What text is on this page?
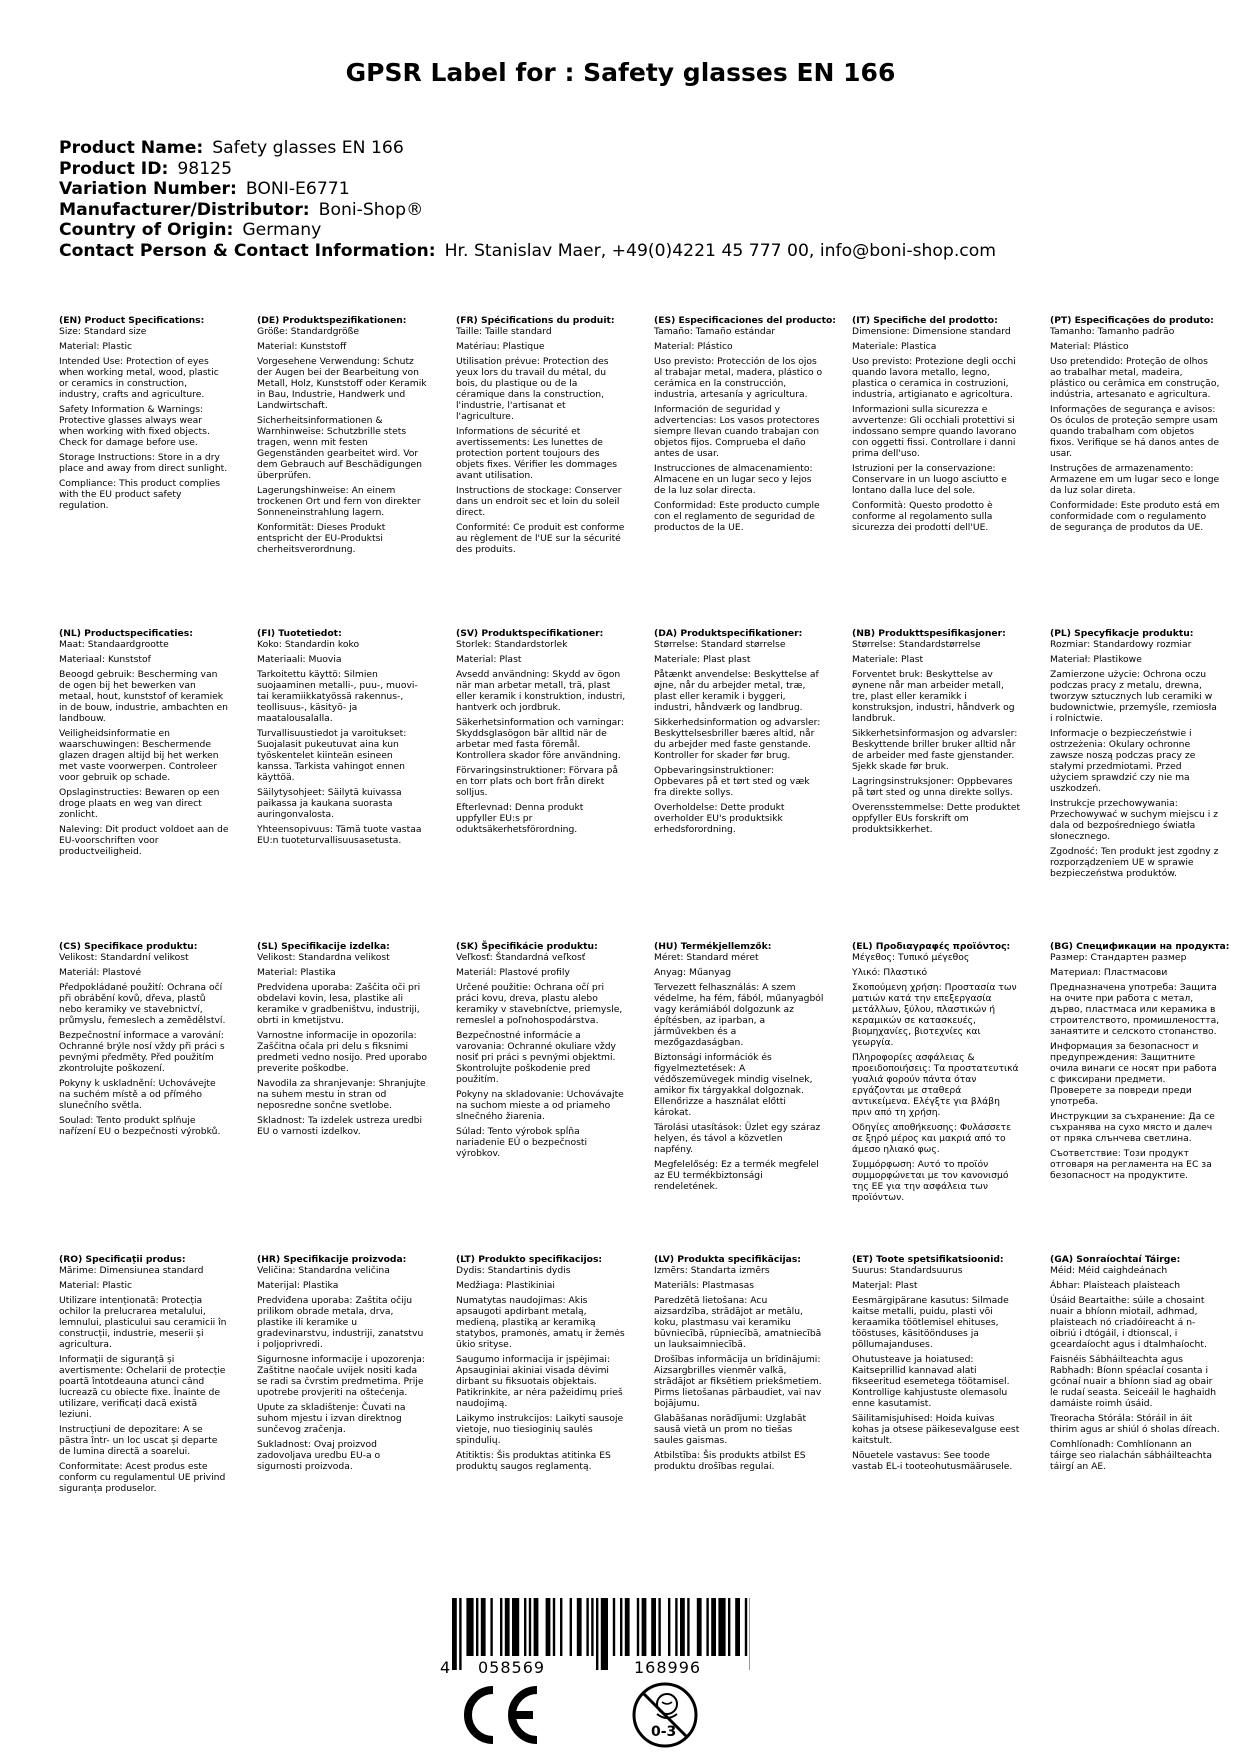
GPSR Label for : Safety glasses EN 166
Product Name: Safety glasses EN 166
Product ID: 98125
Variation Number: BONI-E6771
Manufacturer/Distributor: Boni-Shop®
Country of Origin: Germany
Contact Person & Contact Information: Hr. Stanislav Maer, +49(0)4221 45 777 00, info@boni-shop.com
(EN) Product Specifications:
Size: Standard size
Material: Plastic
Intended Use: Protection of eyes when working metal, wood, plastic or ceramics in construction, industry, crafts and agriculture.
Safety Information & Warnings: Protective glasses always wear when working with fixed objects. Check for damage before use.
Storage Instructions: Store in a dry place and away from direct sunlight.
Compliance: This product complies with the EU product safety regulation.
(DE) Produktspezifikationen:
Größe: Standardgröße
Material: Kunststoff
Vorgesehene Verwendung: Schutz der Augen bei der Bearbeitung von Metall, Holz, Kunststoff oder Keramik in Bau, Industrie, Handwerk und Landwirtschaft.
Sicherheitsinformationen & Warnhinweise: Schutzbrille stets tragen, wenn mit festen Gegenständen gearbeitet wird. Vor dem Gebrauch auf Beschädigungen überprüfen.
Lagerungshinweise: An einem trockenen Ort und fern von direkter Sonneneinstrahlung lagern.
Konformität: Dieses Produkt entspricht der EU-Produktsi cherheitsverordnung.
(FR) Spécifications du produit:
Taille: Taille standard
Matériau: Plastique
Utilisation prévue: Protection des yeux lors du travail du métal, du bois, du plastique ou de la céramique dans la construction, l'industrie, l'artisanat et l'agriculture.
Informations de sécurité et avertissements: Les lunettes de protection portent toujours des objets fixes. Vérifier les dommages avant utilisation.
Instructions de stockage: Conserver dans un endroit sec et loin du soleil direct.
Conformité: Ce produit est conforme au règlement de l'UE sur la sécurité des produits.
(ES) Especificaciones del producto:
Tamaño: Tamaño estándar
Material: Plástico
Uso previsto: Protección de los ojos al trabajar metal, madera, plástico o cerámica en la construcción, industria, artesanía y agricultura.
Información de seguridad y advertencias: Los vasos protectores siempre llevan cuando trabajan con objetos fijos. Comprueba el daño antes de usar.
Instrucciones de almacenamiento: Almacene en un lugar seco y lejos de la luz solar directa.
Conformidad: Este producto cumple con el reglamento de seguridad de productos de la UE.
(IT) Specifiche del prodotto:
Dimensione: Dimensione standard
Materiale: Plastica
Uso previsto: Protezione degli occhi quando lavora metallo, legno, plastica o ceramica in costruzioni, industria, artigianato e agricoltura.
Informazioni sulla sicurezza e avvertenze: Gli occhiali protettivi si indossano sempre quando lavorano con oggetti fissi. Controllare i danni prima dell'uso.
Istruzioni per la conservazione: Conservare in un luogo asciutto e lontano dalla luce del sole.
Conformità: Questo prodotto è conforme al regolamento sulla sicurezza dei prodotti dell'UE.
(PT) Especificações do produto:
Tamanho: Tamanho padrão
Material: Plástico
Uso pretendido: Proteção de olhos ao trabalhar metal, madeira, plástico ou cerâmica em construção, indústria, artesanato e agricultura.
Informações de segurança e avisos: Os óculos de proteção sempre usam quando trabalham com objetos fixos. Verifique se há danos antes de usar.
Instruções de armazenamento: Armazene em um lugar seco e longe da luz solar direta.
Conformidade: Este produto está em conformidade com o regulamento de segurança de produtos da UE.
(NL) Productspecificaties:
Maat: Standaardgrootte
Materiaal: Kunststof
Beoogd gebruik: Bescherming van de ogen bij het bewerken van metaal, hout, kunststof of keramiek in de bouw, industrie, ambachten en landbouw.
Veiligheidsinformatie en waarschuwingen: Beschermende glazen dragen altijd bij het werken met vaste voorwerpen. Controleer voor gebruik op schade.
Opslaginstructies: Bewaren op een droge plaats en weg van direct zonlicht.
Naleving: Dit product voldoet aan de EU-voorschriften voor productveiligheid.
(FI) Tuotetiedot:
Koko: Standardin koko
Materiaali: Muovia
Tarkoitettu käyttö: Silmien suojaaminen metalli-, puu-, muovi- tai keramiikkatyössä rakennus-, teollisuus-, käsityö- ja maatalousalalla.
Turvallisuustiedot ja varoitukset: Suojalasit pukeutuvat aina kun työskentelet kiinteän esineen kanssa. Tarkista vahingot ennen käyttöä.
Säilytysohjeet: Säilytä kuivassa paikassa ja kaukana suorasta auringonvalosta.
Yhteensopivuus: Tämä tuote vastaa EU:n tuoteturvallisuusasetusta.
(SV) Produktspecifikationer:
Storlek: Standardstorlek
Material: Plast
Avsedd användning: Skydd av ögon när man arbetar metall, trä, plast eller keramik i konstruktion, industri, hantverk och jordbruk.
Säkerhetsinformation och varningar: Skyddsglasögon bär alltid när de arbetar med fasta föremål. Kontrollera skador före användning.
Förvaringsinstruktioner: Förvara på en torr plats och bort från direkt solljus.
Efterlevnad: Denna produkt uppfyller EU:s pr oduktsäkerhetsförordning.
(DA) Produktspecifikationer:
Størrelse: Standard størrelse
Materiale: Plast plast
Påtænkt anvendelse: Beskyttelse af øjne, når du arbejder metal, træ, plast eller keramik i byggeri, industri, håndværk og landbrug.
Sikkerhedsinformation og advarsler: Beskyttelsesbriller bæres altid, når du arbejder med faste genstande. Kontroller for skader før brug.
Opbevaringsinstruktioner: Opbevares på et tørt sted og væk fra direkte sollys.
Overholdelse: Dette produkt overholder EU's produktsikk erhedsforordning.
(NB) Produkttspesifikasjoner:
Størrelse: Standardstørrelse
Materiale: Plast
Forventet bruk: Beskyttelse av øynene når man arbeider metall, tre, plast eller keramikk i konstruksjon, industri, håndverk og landbruk.
Sikkerhetsinformasjon og advarsler: Beskyttende briller bruker alltid når de arbeider med faste gjenstander. Sjekk skade før bruk.
Lagringsinstruksjoner: Oppbevares på tørt sted og unna direkte sollys.
Overensstemmelse: Dette produktet oppfyller EUs forskrift om produktsikkerhet.
(PL) Specyfikacje produktu:
Rozmiar: Standardowy rozmiar
Materiał: Plastikowe
Zamierzone użycie: Ochrona oczu podczas pracy z metalu, drewna, tworzyw sztucznych lub ceramiki w budownictwie, przemyśle, rzemiosła i rolnictwie.
Informacje o bezpieczeństwie i ostrzeżenia: Okulary ochronne zawsze noszą podczas pracy ze stałymi przedmiotami. Przed użyciem sprawdzić czy nie ma uszkodzeń.
Instrukcje przechowywania: Przechowywać w suchym miejscu i z dala od bezpośredniego światła słonecznego.
Zgodność: Ten produkt jest zgodny z rozporządzeniem UE w sprawie bezpieczeństwa produktów.
(CS) Specifikace produktu:
Velikost: Standardní velikost
Materiál: Plastové
Předpokládané použití: Ochrana očí při obrábění kovů, dřeva, plastů nebo keramiky ve stavebnictví, průmyslu, řemeslech a zemědělství.
Bezpečnostní informace a varování: Ochranné brýle nosí vždy při práci s pevnými předměty. Před použitím zkontrolujte poškození.
Pokyny k uskladnění: Uchovávejte na suchém místě a od přímého slunečního světla.
Soulad: Tento produkt splňuje nařízení EU o bezpečnosti výrobků.
(SL) Specifikacije izdelka:
Velikost: Standardna velikost
Material: Plastika
Predvidena uporaba: Zaščita oči pri obdelavi kovin, lesa, plastike ali keramike v gradbeništvu, industriji, obrti in kmetijstvu.
Varnostne informacije in opozorila: Zaščitna očala pri delu s fiksnimi predmeti vedno nosijo. Pred uporabo preverite poškodbe.
Navodila za shranjevanje: Shranjujte na suhem mestu in stran od neposredne sončne svetlobe.
Skladnost: Ta izdelek ustreza uredbi EU o varnosti izdelkov.
(SK) Špecifikácie produktu:
Veľkosť: Štandardná veľkosť
Materiál: Plastové profily
Určené použitie: Ochrana očí pri práci kovu, dreva, plastu alebo keramiky v stavebníctve, priemysle, remeslel a poľnohospodárstva.
Bezpečnostné informácie a varovania: Ochranné okuliare vždy nosiť pri práci s pevnými objektmi. Skontrolujte poškodenie pred použitím.
Pokyny na skladovanie: Uchovávajte na suchom mieste a od priameho slnečného žiarenia.
Súlad: Tento výrobok spĺňa nariadenie EÚ o bezpečnosti výrobkov.
(HU) Termékjellemzők:
Méret: Standard méret
Anyag: Műanyag
Tervezett felhasználás: A szem védelme, ha fém, fából, műanyagból vagy kerámiából dolgozunk az építésben, az iparban, a járművekben és a mezőgazdaságban.
Biztonsági információk és figyelmeztetések: A védőszemüvegek mindig viselnek, amikor fix tárgyakkal dolgoznak. Ellenőrizze a használat előtti károkat.
Tárolási utasítások: Üzlet egy száraz helyen, és távol a közvetlen napfény.
Megfelelőség: Ez a termék megfelel az EU termékbiztonsági rendeletének.
(EL) Προδιαγραφές προϊόντος:
Μέγεθος: Τυπικό μέγεθος
Υλικό: Πλαστικό
Σκοπούμενη χρήση: Προστασία των ματιών κατά την επεξεργασία μετάλλων, ξύλου, πλαστικών ή κεραμικών σε κατασκευές, βιομηχανίες, βιοτεχνίες και γεωργία.
Πληροφορίες ασφάλειας & προειδοποιήσεις: Τα προστατευτικά γυαλιά φορούν πάντα όταν εργάζονται με σταθερά αντικείμενα. Ελέγξτε για βλάβη πριν από τη χρήση.
Οδηγίες αποθήκευσης: Φυλάσσετε σε ξηρό μέρος και μακριά από το άμεσο ηλιακό φως.
Συμμόρφωση: Αυτό το προϊόν συμμορφώνεται με τον κανονισμό της ΕΕ για την ασφάλεια των προϊόντων.
(BG) Спецификации на продукта:
Размер: Стандартен размер
Материал: Пластмасови
Предназначена употреба: Защита на очите при работа с метал, дърво, пластмаса или керамика в строителството, промишлеността, занаятите и селското стопанство.
Информация за безопасност и предупреждения: Защитните очила винаги се носят при работа с фиксирани предмети. Проверете за повреди преди употреба.
Инструкции за съхранение: Да се съхранява на сухо място и далеч от пряка слънчева светлина.
Съответствие: Този продукт отговаря на регламента на ЕС за безопасност на продуктите.
(RO) Specificații produs:
Mărime: Dimensiunea standard
Material: Plastic
Utilizare intenționată: Protecția ochilor la prelucrarea metalului, lemnului, plasticului sau ceramicii în construcții, industrie, meserii și agricultura.
Informații de siguranță și avertismente: Ochelarii de protecție poartă întotdeauna atunci când lucrează cu obiecte fixe. Înainte de utilizare, verificați dacă există leziuni.
Instrucțiuni de depozitare: A se păstra într- un loc uscat și departe de lumina directă a soarelui.
Conformitate: Acest produs este conform cu regulamentul UE privind siguranța produselor.
(HR) Specifikacije proizvoda:
Veličina: Standardna veličina
Materijal: Plastika
Predviđena uporaba: Zaštita očiju prilikom obrade metala, drva, plastike ili keramike u gradevinarstvu, industriji, zanatstvu i poljoprivredi.
Sigurnosne informacije i upozorenja: Zaštitne naočale uvijek nositi kada se radi sa čvrstim predmetima. Prije upotrebe provjeriti na oštećenja.
Upute za skladištenje: Čuvati na suhom mjestu i izvan direktnog sunčevog zračenja.
Sukladnost: Ovaj proizvod zadovoljava uredbu EU-a o sigurnosti proizvoda.
(LT) Produkto specifikacijos:
Dydis: Standartinis dydis
Medžiaga: Plastikiniai
Numatytas naudojimas: Akis apsaugoti apdirbant metalą, medieną, plastiką ar keramiką statybos, pramonės, amatų ir žemės ūkio srityse.
Saugumo informacija ir įspėjimai: Apsauginiai akiniai visada dėvimi dirbant su fiksuotais objektais. Patikrinkite, ar nėra pažeidimų prieš naudojimą.
Laikymo instrukcijos: Laikyti sausoje vietoje, nuo tiesioginių saulės spindulių.
Atitiktis: Šis produktas atitinka ES produktų saugos reglamentą.
(LV) Produkta specifikācijas:
Izmērs: Standarta izmērs
Materiāls: Plastmasas
Paredzētā lietošana: Acu aizsardzība, strādājot ar metālu, koku, plastmasu vai keramiku būvniecībā, rūpniecībā, amatniecībā un lauksaimniecībā.
Drošības informācija un brīdinājumi: Aizsargbrilles vienmēr valkā, strādājot ar fiksētiem priekšmetiem. Pirms lietošanas pārbaudiet, vai nav bojājumu.
Glabāšanas norādījumi: Uzglabāt sausā vietā un prom no tiešas saules gaismas.
Atbilstība: Šis produkts atbilst ES produktu drošības regulai.
(ET) Toote spetsifikatsioonid:
Suurus: Standardsuurus
Materjal: Plast
Eesmärgipärane kasutus: Silmade kaitse metalli, puidu, plasti või keraamika töötlemisel ehituses, tööstuses, käsitöönduses ja põllumajanduses.
Ohutusteave ja hoiatused: Kaitseprillid kannavad alati fikseeritud esemetega töötamisel. Kontrollige kahjustuste olemasolu enne kasutamist.
Säilitamisjuhised: Hoida kuivas kohas ja otsese päikesevalguse eest kaitstult.
Nõuetele vastavus: See toode vastab EL-i tooteohutusmääruselе.
(GA) Sonraíochtaí Táirge:
Méid: Méid caighdeánach
Ábhar: Plaisteach plaisteach
Úsáid Beartaithe: súile a chosaint nuair a bhíonn miotail, adhmad, plaisteach nó criadóireacht á n-oibriú i dtógáil, i dtionscal, i gceardaíocht agus i dtalmhaíocht.
Faisnéis Sábháilteachta agus Rabhadh: Bíonn spéaclaí cosanta i gcónaí nuair a bhíonn siad ag obair le rudaí seasta. Seiceáil le haghaidh damáiste roimh úsáid.
Treoracha Stórála: Stóráil in áit thirim agus ar shiúl ó sholas díreach.
Comhlíonadh: Comhlíonann an táirge seo rialachán sábháilteachta táirgí an AE.
4 058569	168996
0-3
